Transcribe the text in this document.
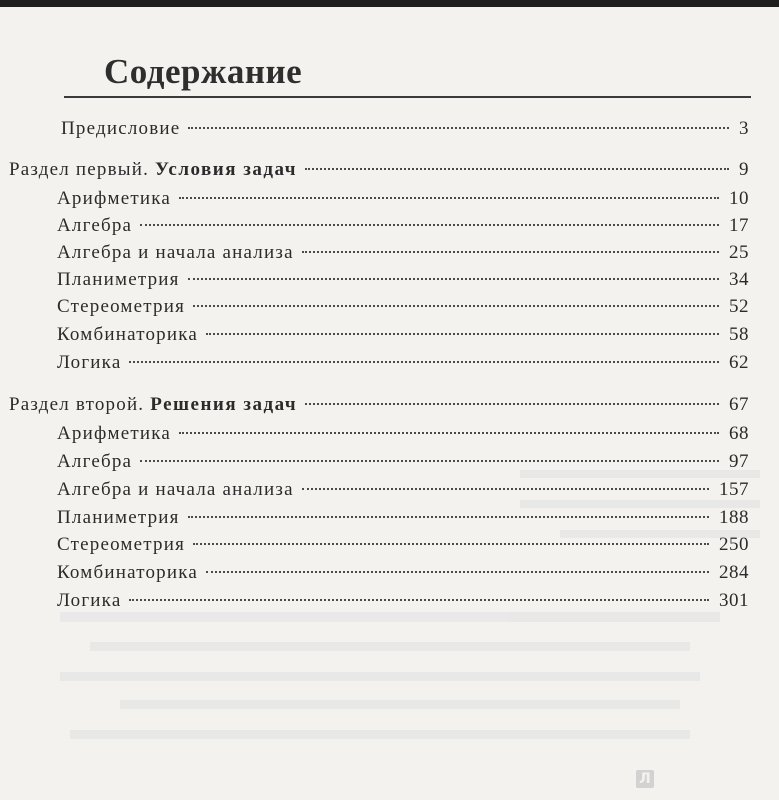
Содержание
Предисловие	3
Раздел первый. Условия задач	9
Арифметика	10
Алгебра	17
Алгебра и начала анализа	25
Планиметрия	34
Стереометрия	52
Комбинаторика	58
Логика	62
Раздел второй. Решения задач	67
Арифметика	68
Алгебра	97
Алгебра и начала анализа	157
Планиметрия	188
Стереометрия	250
Комбинаторика	284
Логика	301
Л
